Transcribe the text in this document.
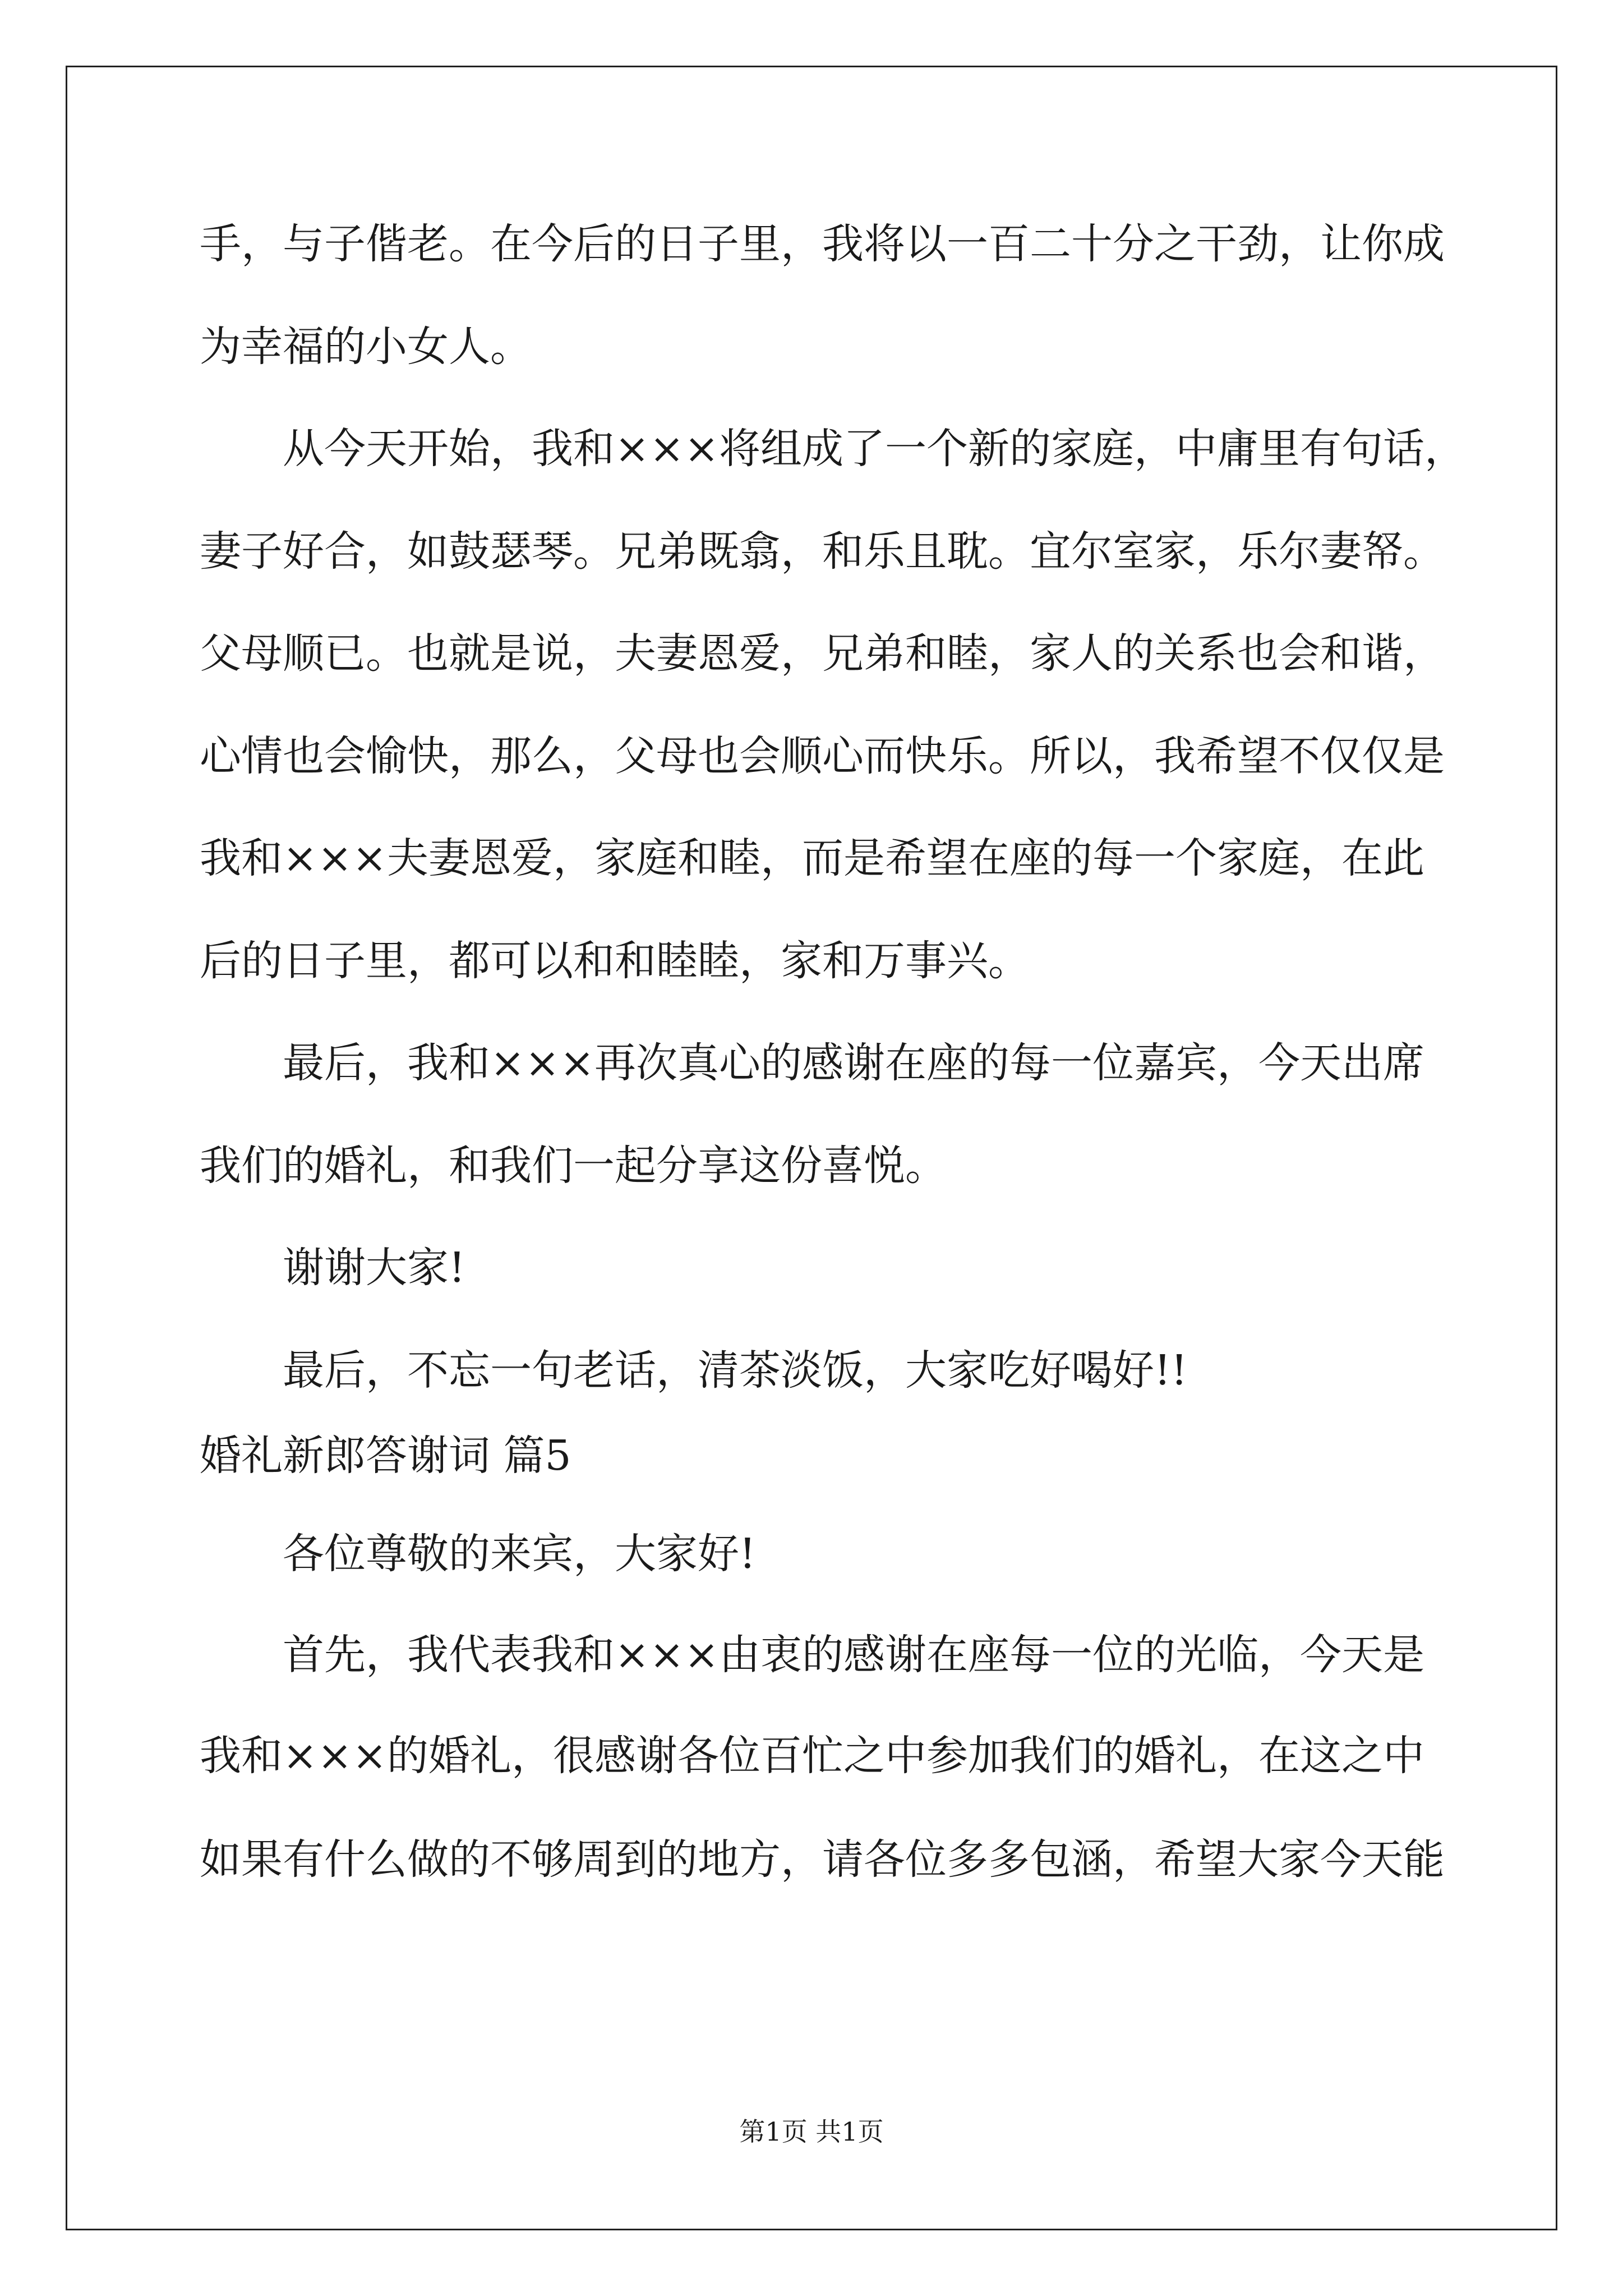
手，与子偕老。在今后的日子里，我将以一百二十分之干劲，让你成
为幸福的小女人。
从今天开始，我和×××将组成了一个新的家庭，中庸里有句话，
妻子好合，如鼓瑟琴。兄弟既翕，和乐且耽。宜尔室家，乐尔妻帑。
父母顺已。也就是说，夫妻恩爱，兄弟和睦，家人的关系也会和谐，
心情也会愉快，那么，父母也会顺心而快乐。所以，我希望不仅仅是
我和×××夫妻恩爱，家庭和睦，而是希望在座的每一个家庭，在此
后的日子里，都可以和和睦睦，家和万事兴。
最后，我和×××再次真心的感谢在座的每一位嘉宾，今天出席
我们的婚礼，和我们一起分享这份喜悦。
谢谢大家!
最后，不忘一句老话，清茶淡饭，大家吃好喝好!!
婚礼新郎答谢词 篇5
各位尊敬的来宾，大家好!
首先，我代表我和×××由衷的感谢在座每一位的光临，今天是
我和×××的婚礼，很感谢各位百忙之中参加我们的婚礼，在这之中
如果有什么做的不够周到的地方，请各位多多包涵，希望大家今天能
第1页 共1页
